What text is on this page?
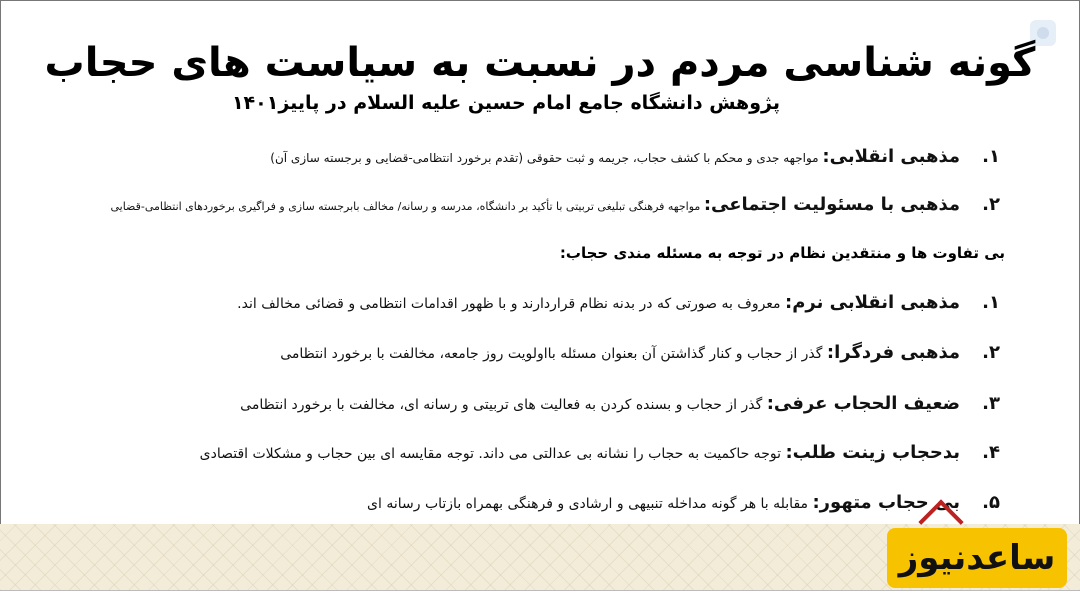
گونه شناسی مردم در نسبت به سیاست های حجاب
پژوهش دانشگاه جامع امام حسین علیه السلام در پاییز۱۴۰۱
۱.مذهبی انقلابی: مواجهه جدی و محکم با کشف حجاب، جریمه و ثبت حقوقی (تقدم برخورد انتظامی-قضایی و برجسته سازی آن)
۲.مذهبی با مسئولیت اجتماعی: مواجهه فرهنگی تبلیغی تربیتی با تأکید بر دانشگاه، مدرسه و رسانه/ مخالف بابرجسته سازی و فراگیری برخوردهای انتظامی-قضایی
بی تفاوت ها و منتقدین نظام در توجه به مسئله مندی حجاب:
۱.مذهبی انقلابی نرم: معروف به صورتی که در بدنه نظام قراردارند و با ظهور اقدامات انتظامی و قضائی مخالف اند.
۲.مذهبی فردگرا: گذر از حجاب و کنار گذاشتن آن بعنوان مسئله بااولویت روز جامعه، مخالفت با برخورد انتظامی
۳.ضعیف الحجاب عرفی: گذر از حجاب و بسنده کردن به فعالیت های تربیتی و رسانه ای، مخالفت با برخورد انتظامی
۴.بدحجاب زینت طلب: توجه حاکمیت به حجاب را نشانه بی عدالتی می داند. توجه مقایسه ای بین حجاب و مشکلات اقتصادی
۵.بی حجاب متهور: مقابله با هر گونه مداخله تنبیهی و ارشادی و فرهنگی بهمراه بازتاب رسانه ای
ساعدنیوز
